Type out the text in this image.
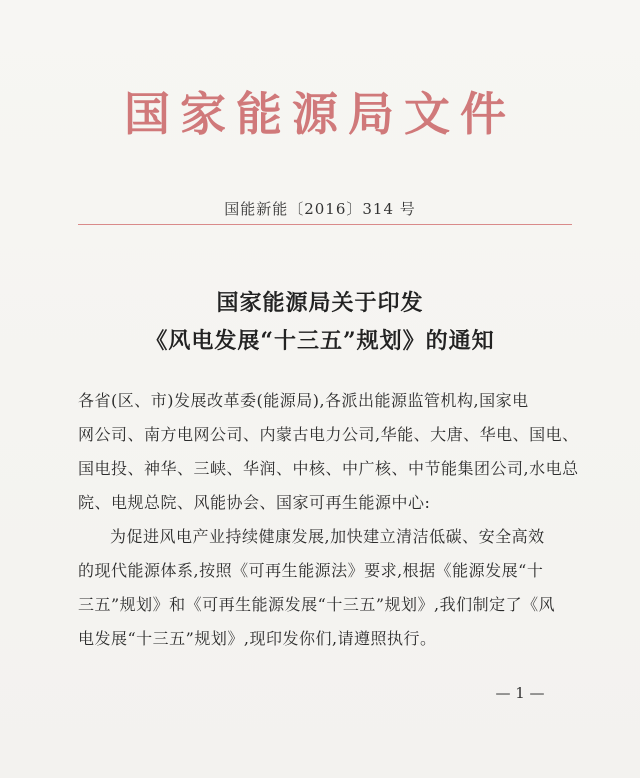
国家能源局文件
国能新能〔2016〕314 号
国家能源局关于印发
《风电发展“十三五”规划》的通知
各省(区、市)发展改革委(能源局),各派出能源监管机构,国家电
网公司、南方电网公司、内蒙古电力公司,华能、大唐、华电、国电、
国电投、神华、三峡、华润、中核、中广核、中节能集团公司,水电总
院、电规总院、风能协会、国家可再生能源中心:
为促进风电产业持续健康发展,加快建立清洁低碳、安全高效
的现代能源体系,按照《可再生能源法》要求,根据《能源发展“十
三五”规划》和《可再生能源发展“十三五”规划》,我们制定了《风
电发展“十三五”规划》,现印发你们,请遵照执行。
— 1 —
